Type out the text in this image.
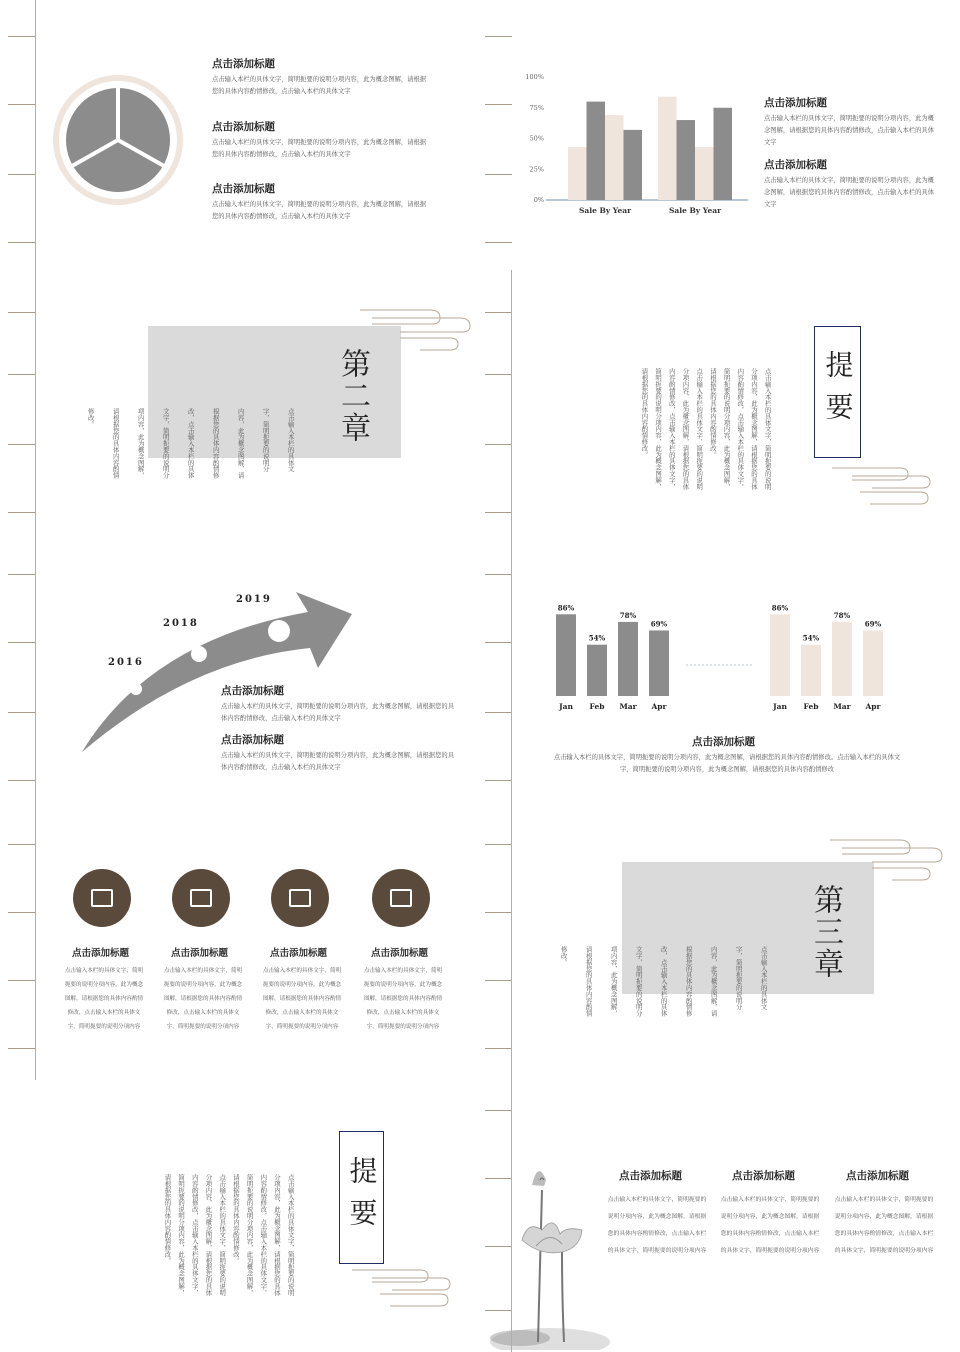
点击添加标题
点击输入本栏的具体文字，简明扼要的说明分项内容，此为概念图解，请根据您的具体内容酌情修改，点击输入本栏的具体文字
点击添加标题
点击输入本栏的具体文字，简明扼要的说明分项内容，此为概念图解，请根据您的具体内容酌情修改，点击输入本栏的具体文字
点击添加标题
点击输入本栏的具体文字，简明扼要的说明分项内容，此为概念图解，请根据您的具体内容酌情修改，点击输入本栏的具体文字
0%
25%
50%
75%
100%
Sale By Year	Sale By Year
点击添加标题
点击输入本栏的具体文字，简明扼要的说明分项内容，此为概念图解，请根据您的具体内容酌情修改，点击输入本栏的具体文字
点击添加标题
点击输入本栏的具体文字，简明扼要的说明分项内容，此为概念图解，请根据您的具体内容酌情修改，点击输入本栏的具体文字
第二章
点击输入本栏的具体文
字，简明扼要的说明分
内容，此为概念图解，请
根据您的具体内容酌情修
改，点击输入本栏的具体
文字，简明扼要的说明分
项内容，此为概念图解，
请根据您的具体内容酌情
修改。	点击输入本栏的具体文字，简明扼要的说明
分项内容，此为概念图解，请根据您的具体
内容酌情修改，点击输入本栏的具体文字，
简明扼要的说明分项内容，此为概念图解，
请根据您的具体内容酌情修改。
点击输入本栏的具体文字，简明扼要的说明
分项内容，此为概念图解，请根据您的具体
内容酌情修改，点击输入本栏的具体文字，
简明扼要的说明分项内容，此为概念图解，
请根据您的具体内容酌情修改。	提要
2019
2018
2016
点击添加标题
点击输入本栏的具体文字，简明扼要的说明分项内容，此为概念图解，请根据您的具体内容酌情修改，点击输入本栏的具体文字
点击添加标题
点击输入本栏的具体文字，简明扼要的说明分项内容，此为概念图解，请根据您的具体内容酌情修改，点击输入本栏的具体文字
86%
Jan
54%
Feb
78%
Mar
69%
Apr
86%
Jan
54%
Feb
78%
Mar
69%
Apr
点击添加标题
点击输入本栏的具体文字，简明扼要的说明分项内容，此为概念图解，请根据您的具体内容酌情修改。点击输入本栏的具体文字，简明扼要的说明分项内容，此为概念图解，请根据您的具体内容酌情修改
点击添加标题
点击输入本栏的具体文字，简明扼要的说明分项内容，此为概念图解，请根据您的具体内容酌情修改，点击输入本栏的具体文字，简明扼要的说明分项内容
点击添加标题
点击输入本栏的具体文字，简明扼要的说明分项内容，此为概念图解，请根据您的具体内容酌情修改，点击输入本栏的具体文字，简明扼要的说明分项内容
点击添加标题
点击输入本栏的具体文字，简明扼要的说明分项内容，此为概念图解，请根据您的具体内容酌情修改，点击输入本栏的具体文字，简明扼要的说明分项内容
点击添加标题
点击输入本栏的具体文字，简明扼要的说明分项内容，此为概念图解，请根据您的具体内容酌情修改，点击输入本栏的具体文字，简明扼要的说明分项内容
第三章
点击输入本栏的具体文
字，简明扼要的说明分
内容，此为概念图解，请
根据您的具体内容酌情修
改，点击输入本栏的具体
文字，简明扼要的说明分
项内容，此为概念图解，
请根据您的具体内容酌情
修改。
点击输入本栏的具体文字，简明扼要的说明
分项内容，此为概念图解，请根据您的具体
内容酌情修改，点击输入本栏的具体文字，
简明扼要的说明分项内容，此为概念图解，
请根据您的具体内容酌情修改。
点击输入本栏的具体文字，简明扼要的说明
分项内容，此为概念图解，请根据您的具体
内容酌情修改，点击输入本栏的具体文字，
简明扼要的说明分项内容，此为概念图解，
请根据您的具体内容酌情修改。	提要	点击添加标题
点击输入本栏的具体文字，简明扼要的说明分项内容，此为概念图解，请根据您的具体内容酌情修改，点击输入本栏的具体文字，简明扼要的说明分项内容
点击添加标题
点击输入本栏的具体文字，简明扼要的说明分项内容，此为概念图解，请根据您的具体内容酌情修改，点击输入本栏的具体文字，简明扼要的说明分项内容
点击添加标题
点击输入本栏的具体文字，简明扼要的说明分项内容，此为概念图解，请根据您的具体内容酌情修改，点击输入本栏的具体文字，简明扼要的说明分项内容
